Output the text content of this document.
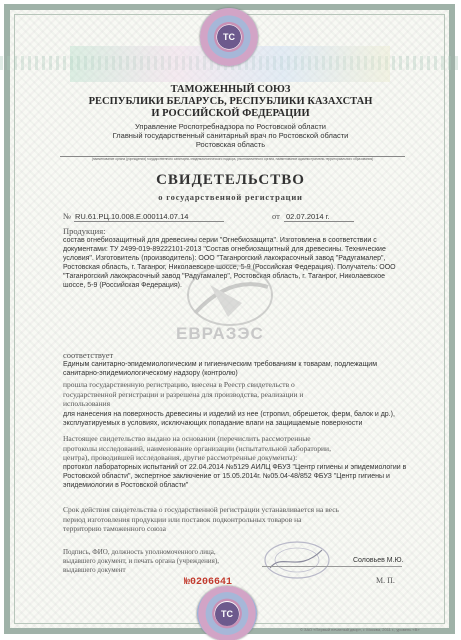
ТС
ТАМОЖЕННЫЙ СОЮЗ
РЕСПУБЛИКИ БЕЛАРУСЬ, РЕСПУБЛИКИ КАЗАХСТАН
И РОССИЙСКОЙ ФЕДЕРАЦИИ
Управление Роспотребнадзора по Ростовской области
Главный государственный санитарный врач по Ростовской области
Ростовская область
(наименование органа (учреждения) государственного санитарно-эпидемиологического надзора, уполномоченного органа, наименование административно-территориального образования)
СВИДЕТЕЛЬСТВО
о государственной регистрации
№ RU.61.РЦ.10.008.Е.000114.07.14	от 02.07.2014 г.
Продукция:
состав огнебиозащитный для древесины серии "Огнебиозащита". Изготовлена в соответствии с
документами: ТУ 2499-019-89222101-2013 "Состав огнебиозащитный для древесины. Технические
условия". Изготовитель (производитель): ООО "Таганрогский лакокрасочный завод "Радугамалер",
Ростовская область, г. Таганрог, Николаевское шоссе, 5-9 (Российская Федерация). Получатель: ООО
"Таганрогский лакокрасочный завод "Радугамалер", Ростовская область, г. Таганрог, Николаевское
шоссе, 5-9 (Российская Федерация).
ЕВРАЗЭС
соответствует
Единым санитарно-эпидемиологическим и гигиеническим требованиям к товарам, подлежащим
санитарно-эпидемиологическому надзору (контролю)
прошла государственную регистрацию, внесена в Реестр свидетельств о
государственной регистрации и разрешена для производства, реализации и
использования
для нанесения на поверхность древесины и изделий из нее (стропил, обрешеток, ферм, балок и др.),
эксплуатируемых в условиях, исключающих попадание влаги на защищаемые поверхности
Настоящее свидетельство выдано на основании (перечислить рассмотренные
протоколы исследований, наименование организации (испытательной лаборатории,
центра), проводившей исследования, другие рассмотренные документы):
протокол лабораторных испытаний от 22.04.2014 №5129 АИЛЦ ФБУЗ "Центр гигиены и эпидемиологии в
Ростовской области", экспертное заключение от 15.05.2014г. №05.04-48/852 ФБУЗ "Центр гигиены и
эпидемиологии в Ростовской области"
Срок действия свидетельства о государственной регистрации устанавливается на весь
период изготовления продукции или поставок подконтрольных товаров на
территорию таможенного союза
Подпись, ФИО, должность уполномоченного лица,
выдавшего документ, и печать органа (учреждения),
выдавшего документ
Соловьев М.Ю.
№0206641	М. П.
ТС
© ЗАО «Первый печатный двор», г. Москва, 2011 г., уровень «В»
